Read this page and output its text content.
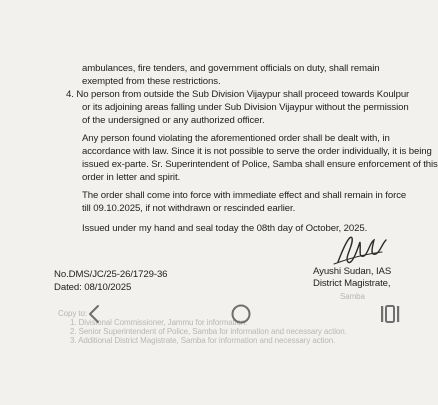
ambulances, fire tenders, and government officials on duty, shall remain
exempted from these restrictions.
4. No person from outside the Sub Division Vijaypur shall proceed towards Koulpur
or its adjoining areas falling under Sub Division Vijaypur without the permission
of the undersigned or any authorized officer.
Any person found violating the aforementioned order shall be dealt with, in
accordance with law. Since it is not possible to serve the order individually, it is being
issued ex-parte. Sr. Superintendent of Police, Samba shall ensure enforcement of this
order in letter and spirit.
The order shall come into force with immediate effect and shall remain in force
till 09.10.2025, if not withdrawn or rescinded earlier.
Issued under my hand and seal today the 08th day of October, 2025.
No.DMS/JC/25-26/1729-36
Dated: 08/10/2025
Ayushi Sudan, IAS
District Magistrate,
Samba
Copy to:
1. Divisional Commissioner, Jammu for information.
2. Senior Superintendent of Police, Samba for information and necessary action.
3. Additional District Magistrate, Samba for information and necessary action.
